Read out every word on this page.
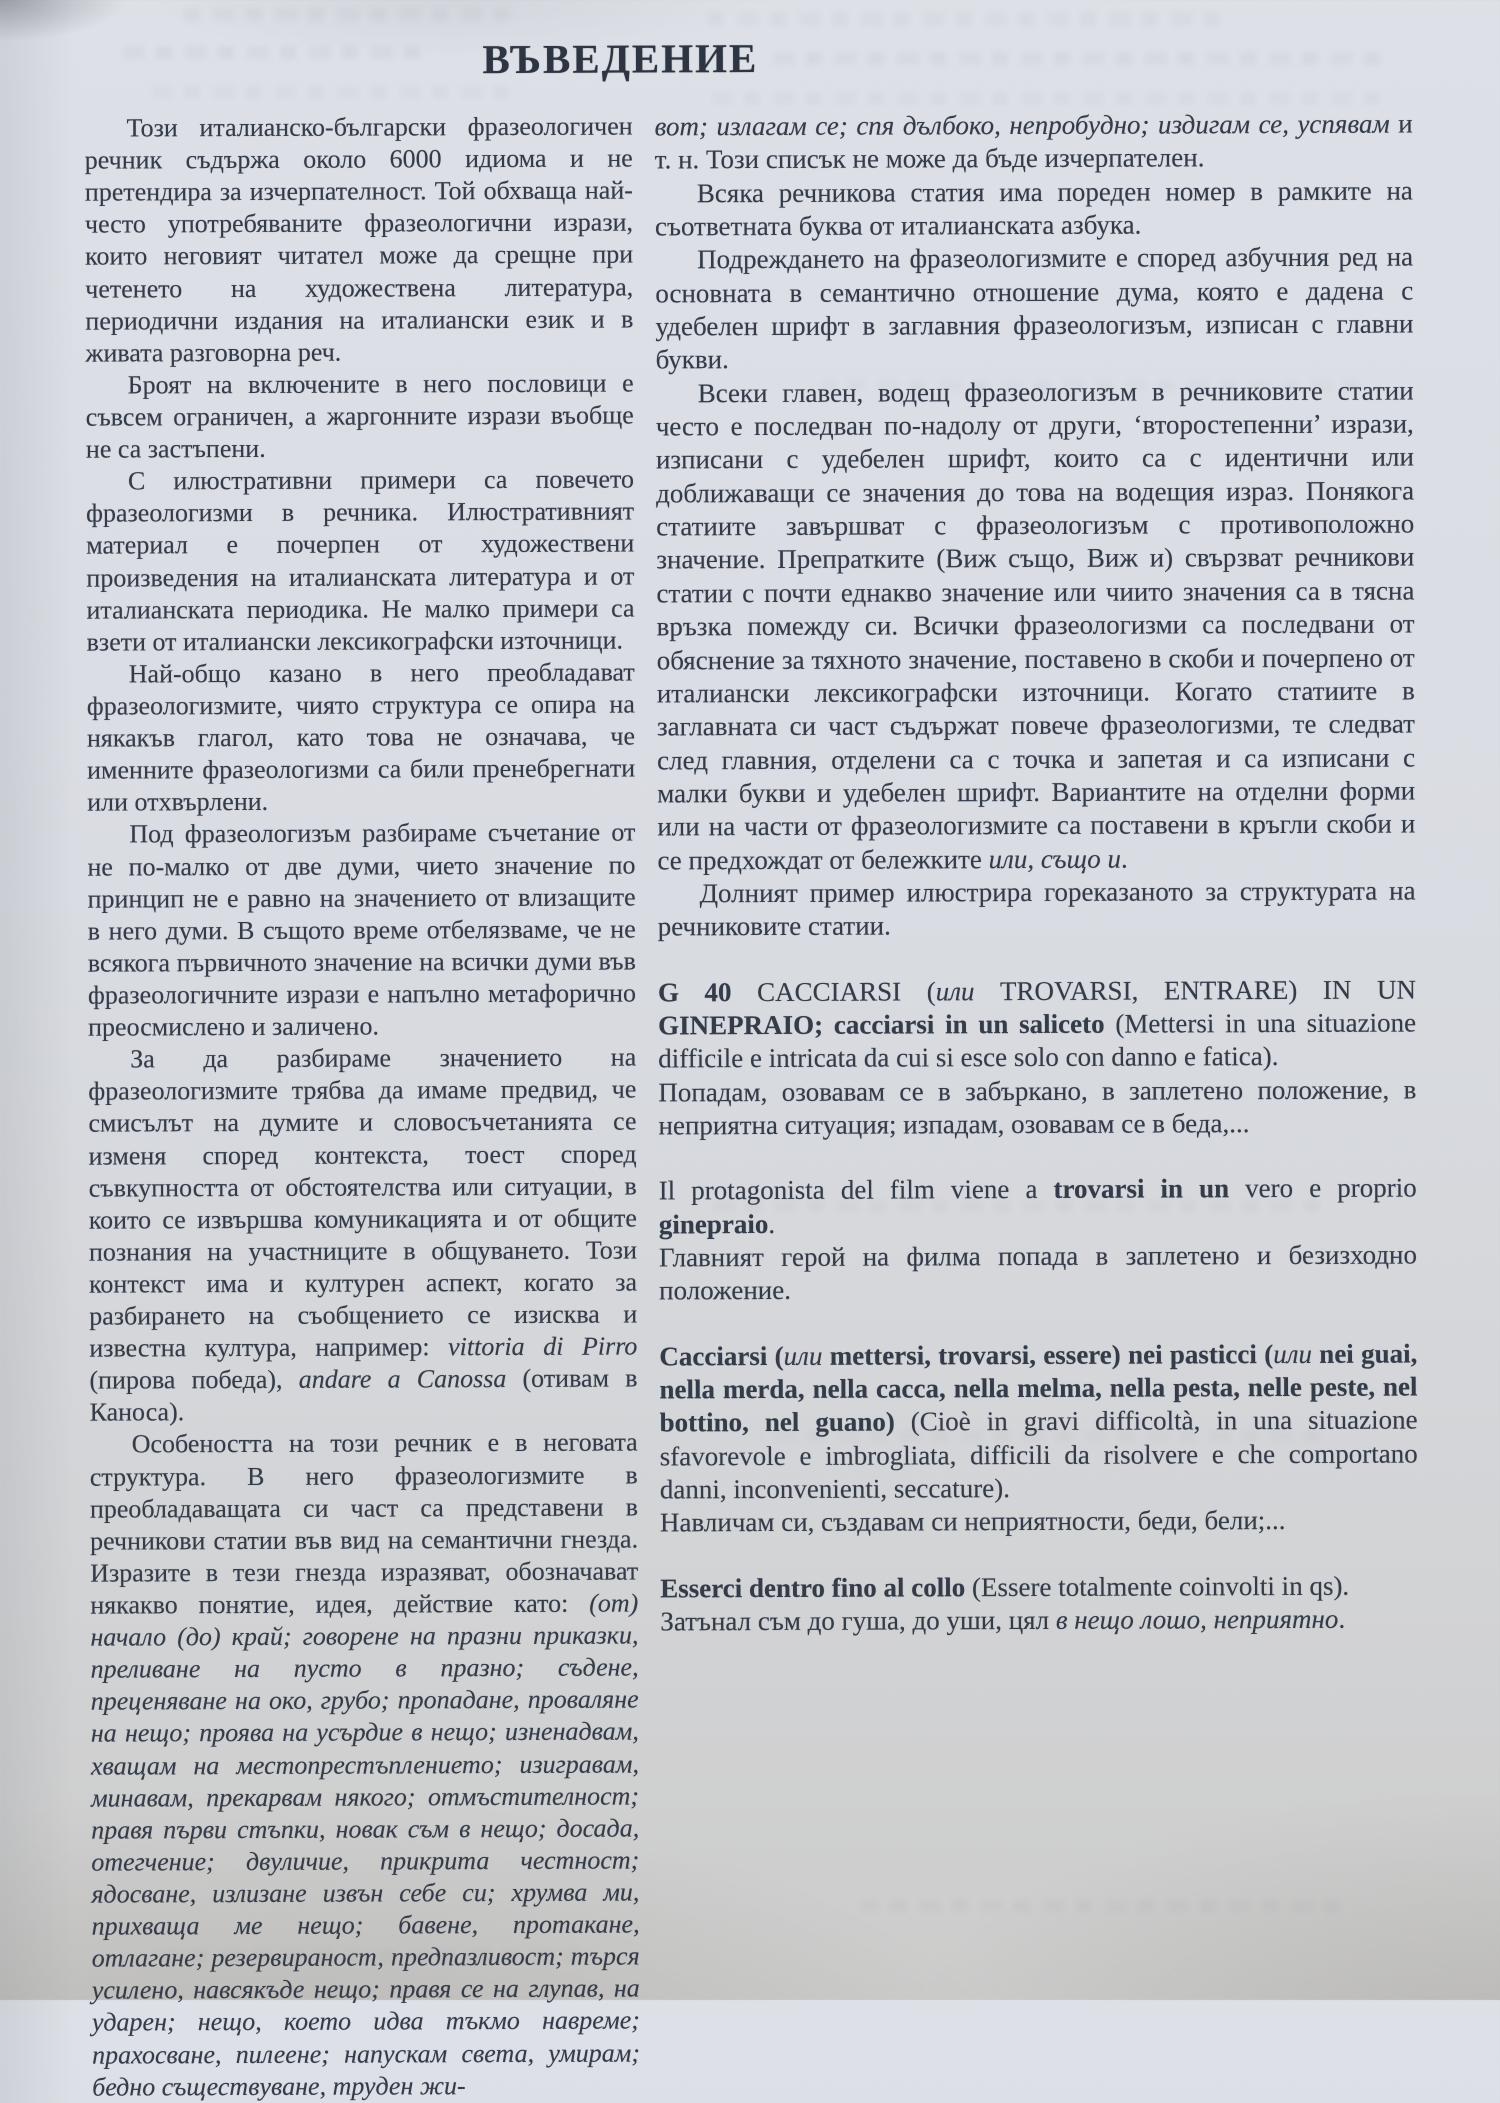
ВЪВЕДЕНИЕ

Този италианско-български фразеологичен речник съдържа около 6000 идиома и не претендира за изчерпателност. Той обхваща най-често употребяваните фразеологични изрази, които неговият читател може да срещне при четенето на художествена литература, периодични издания на италиански език и в живата разговорна реч.

Броят на включените в него пословици е съвсем ограничен, а жаргонните изрази въобще не са застъпени.

С илюстративни примери са повечето фразеологизми в речника. Илюстративният материал е почерпен от художествени произведения на италианската литература и от италианската периодика. Не малко примери са взети от италиански лексикографски източници.

Най-общо казано в него преобладават фразеологизмите, чиято структура се опира на някакъв глагол, като това не означава, че именните фразеологизми са били пренебрегнати или отхвърлени.

Под фразеологизъм разбираме съчетание от не по-малко от две думи, чието значение по принцип не е равно на значението от влизащите в него думи. В същото време отбелязваме, че не всякога първичното значение на всички думи във фразеологичните изрази е напълно метафорично преосмислено и заличено.

За да разбираме значението на фразеологизмите трябва да имаме предвид, че смисълът на думите и словосъчетанията се изменя според контекста, тоест според съвкупността от обстоятелства или ситуации, в които се извършва комуникацията и от общите познания на участниците в общуването. Този контекст има и културен аспект, когато за разбирането на съобщението се изисква и известна култура, например: vittoria di Pirro (пирова победа), andare a Canossa (отивам в Каноса).

Особеността на този речник е в неговата структура. В него фразеологизмите в преобладаващата си част са представени в речникови статии във вид на семантични гнезда. Изразите в тези гнезда изразяват, обозначават някакво понятие, идея, действие като: (от) начало (до) край; говорене на празни приказки, преливане на пусто в празно; съдене, преценяване на око, грубо; пропадане, проваляне на нещо; проява на усърдие в нещо; изненадвам, хващам на местопрестъплението; изигравам, минавам, прекарвам някого; отмъстителност; правя първи стъпки, новак съм в нещо; досада, отегчение; двуличие, прикрита честност; ядосване, излизане извън себе си; хрумва ми, прихваща ме нещо; бавене, протакане, отлагане; резервираност, предпазливост; търся усилено, навсякъде нещо; правя се на глупав, на ударен; нещо, което идва тъкмо навреме; прахосване, пилеене; напускам света, умирам; бедно съществуване, труден жи-

вот; излагам се; спя дълбоко, непробудно; издигам се, успявам и т. н. Този списък не може да бъде изчерпателен.

Всяка речникова статия има пореден номер в рамките на съответната буква от италианската азбука.

Подреждането на фразеологизмите е според азбучния ред на основната в семантично отношение дума, която е дадена с удебелен шрифт в заглавния фразеологизъм, изписан с главни букви.

Всеки главен, водещ фразеологизъм в речниковите статии често е последван по-надолу от други, ‘второстепенни’ изрази, изписани с удебелен шрифт, които са с идентични или доближаващи се значения до това на водещия израз. Понякога статиите завършват с фразеологизъм с противоположно значение. Препратките (Виж също, Виж и) свързват речникови статии с почти еднакво значение или чиито значения са в тясна връзка помежду си. Всички фразеологизми са последвани от обяснение за тяхното значение, поставено в скоби и почерпено от италиански лексикографски източници. Когато статиите в заглавната си част съдържат повече фразеологизми, те следват след главния, отделени са с точка и запетая и са изписани с малки букви и удебелен шрифт. Вариантите на отделни форми или на части от фразеологизмите са поставени в кръгли скоби и се предхождат от бележките или, също и.

Долният пример илюстрира гореказаното за структурата на речниковите статии.

G 40 CACCIARSI (или TROVARSI, ENTRARE) IN UN GINEPRAIO; cacciarsi in un saliceto (Mettersi in una situazione difficile e intricata da cui si esce solo con danno e fatica).

Попадам, озовавам се в забъркано, в заплетено положение, в неприятна ситуация; изпадам, озовавам се в беда,...

Il protagonista del film viene a trovarsi in un vero e proprio ginepraio.

Главният герой на филма попада в заплетено и безизходно положение.

Cacciarsi (или mettersi, trovarsi, essere) nei pasticci (или nei guai, nella merda, nella cacca, nella melma, nella pesta, nelle peste, nel bottino, nel guano) (Cioè in gravi difficoltà, in una situazione sfavorevole e imbrogliata, difficili da risolvere e che comportano danni, inconvenienti, seccature).

Навличам си, създавам си неприятности, беди, бели;...

Esserci dentro fino al collo (Essere totalmente coinvolti in qs).

Затънал съм до гуша, до уши, цял в нещо лошо, неприятно.
